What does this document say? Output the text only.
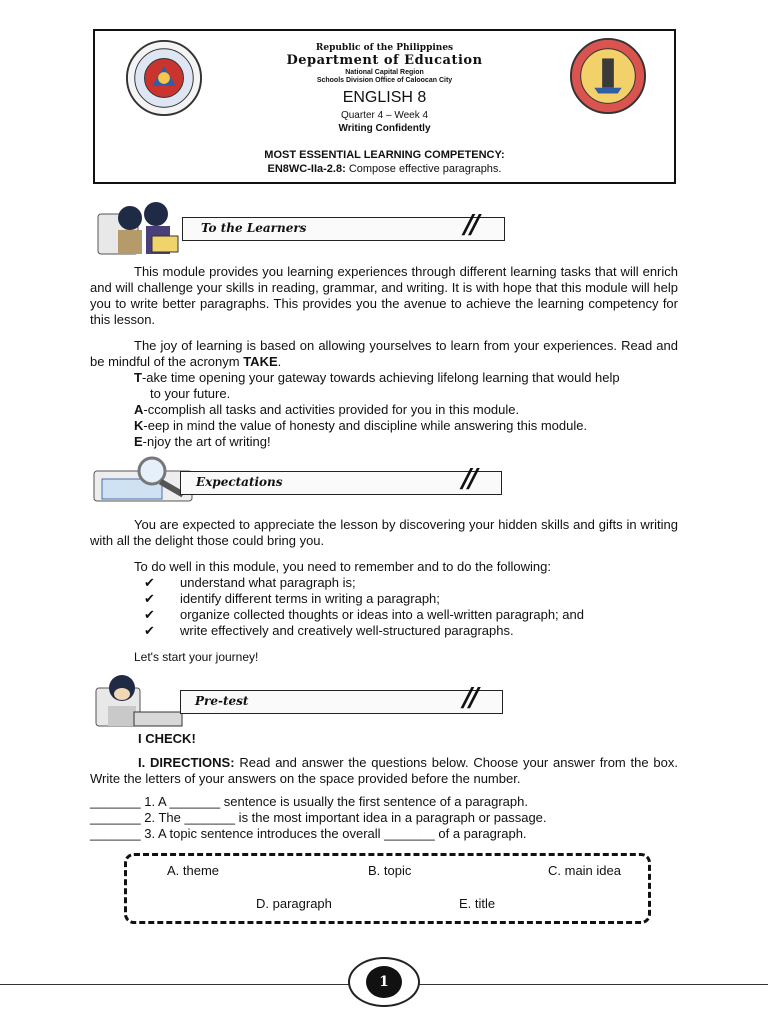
Republic of the Philippines
Department of Education
National Capital Region
Schools Division Office of Caloocan City
ENGLISH 8
Quarter 4 – Week 4
Writing Confidently
MOST ESSENTIAL LEARNING COMPETENCY:
EN8WC-IIa-2.8: Compose effective paragraphs.
To the Learners	//

This module provides you learning experiences through different learning tasks that will enrich and will challenge your skills in reading, grammar, and writing. It is with hope that this module will help you to write better paragraphs. This provides you the avenue to achieve the learning competency for this lesson.

The joy of learning is based on allowing yourselves to learn from your experiences. Read and be mindful of the acronym TAKE.

T-ake time opening your gateway towards achieving lifelong learning that would help
to your future.
A-ccomplish all tasks and activities provided for you in this module.
K-eep in mind the value of honesty and discipline while answering this module.
E-njoy the art of writing!
Expectations	//

You are expected to appreciate the lesson by discovering your hidden skills and gifts in writing with all the delight those could bring you.

To do well in this module, you need to remember and to do the following:

✔ understand what paragraph is;
✔ identify different terms in writing a paragraph;
✔ organize collected thoughts or ideas into a well-written paragraph; and
✔ write effectively and creatively well-structured paragraphs.

Let's start your journey!

Pre-test	//

I CHECK!

I. DIRECTIONS: Read and answer the questions below. Choose your answer from the box. Write the letters of your answers on the space provided before the number.

_______ 1. A _______ sentence is usually the first sentence of a paragraph.
_______ 2. The _______ is the most important idea in a paragraph or passage.
_______ 3. A topic sentence introduces the overall _______ of a paragraph.
A. theme	B. topic	C. main idea
D. paragraph	E. title
1
